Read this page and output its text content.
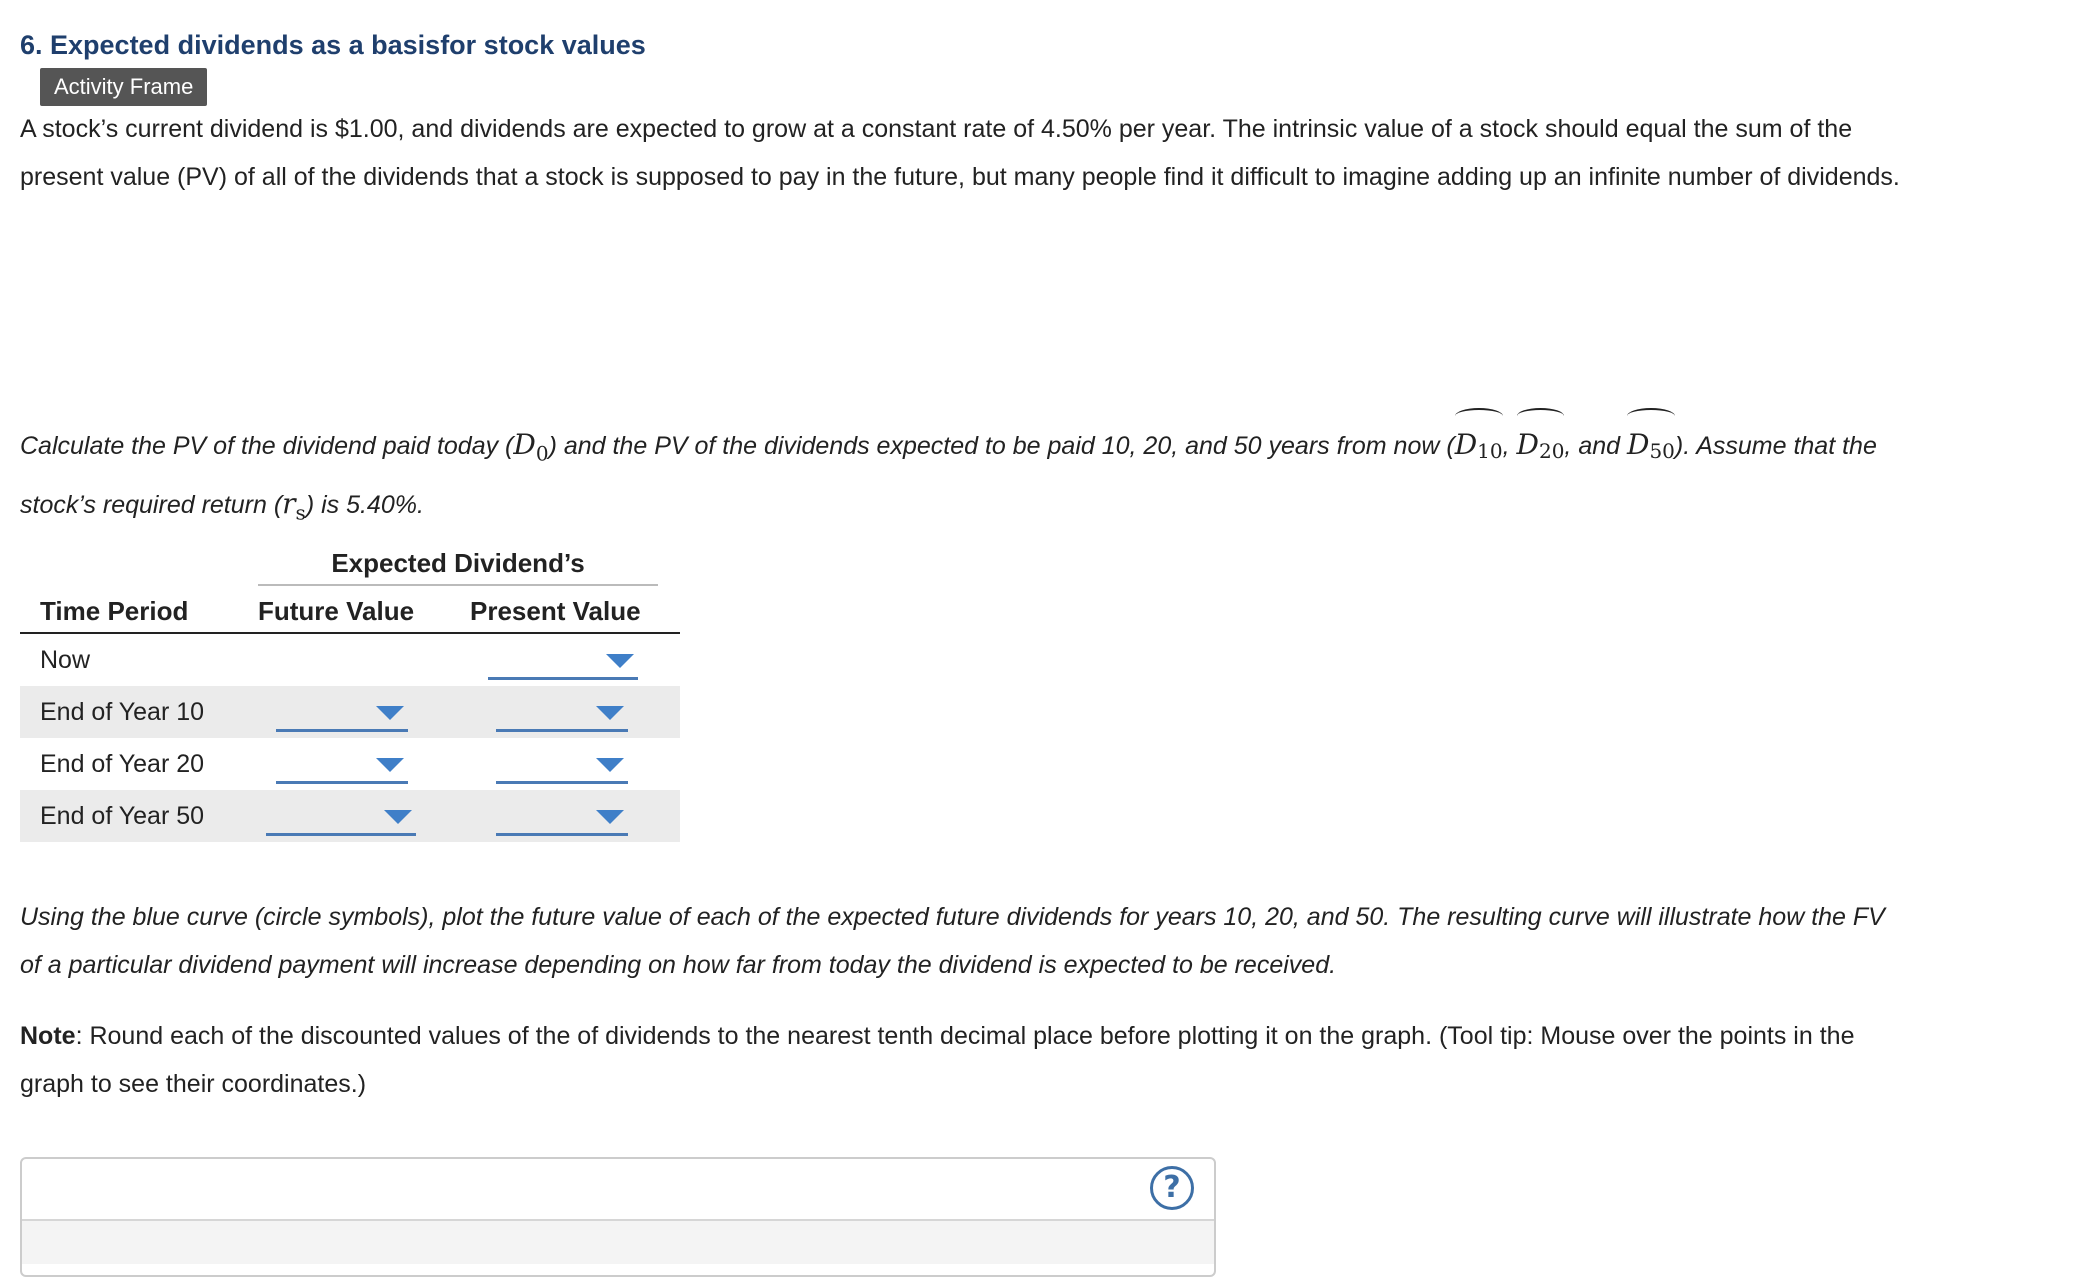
6. Expected dividends as a basisfor stock values
Activity Frame

A stock’s current dividend is $1.00, and dividends are expected to grow at a constant rate of 4.50% per year. The intrinsic value of a stock should equal the sum of the present value (PV) of all of the dividends that a stock is supposed to pay in the future, but many people find it difficult to imagine adding up an infinite number of dividends.

Calculate the PV of the dividend paid today $(D_0)$ and the PV of the dividends expected to be paid 10, 20, and 50 years from now (D10, D20, and D50). Assume that the stock’s required return $(r_s)$ is 5.40%.

Expected Dividend’s
Time Period	Future Value Present Value
Now
End of Year 10
End of Year 20
End of Year 50

Using the blue curve (circle symbols), plot the future value of each of the expected future dividends for years 10, 20, and 50. The resulting curve will illustrate how the FV of a particular dividend payment will increase depending on how far from today the dividend is expected to be received.

Note: Round each of the discounted values of the of dividends to the nearest tenth decimal place before plotting it on the graph. (Tool tip: Mouse over the points in the graph to see their coordinates.)

?
